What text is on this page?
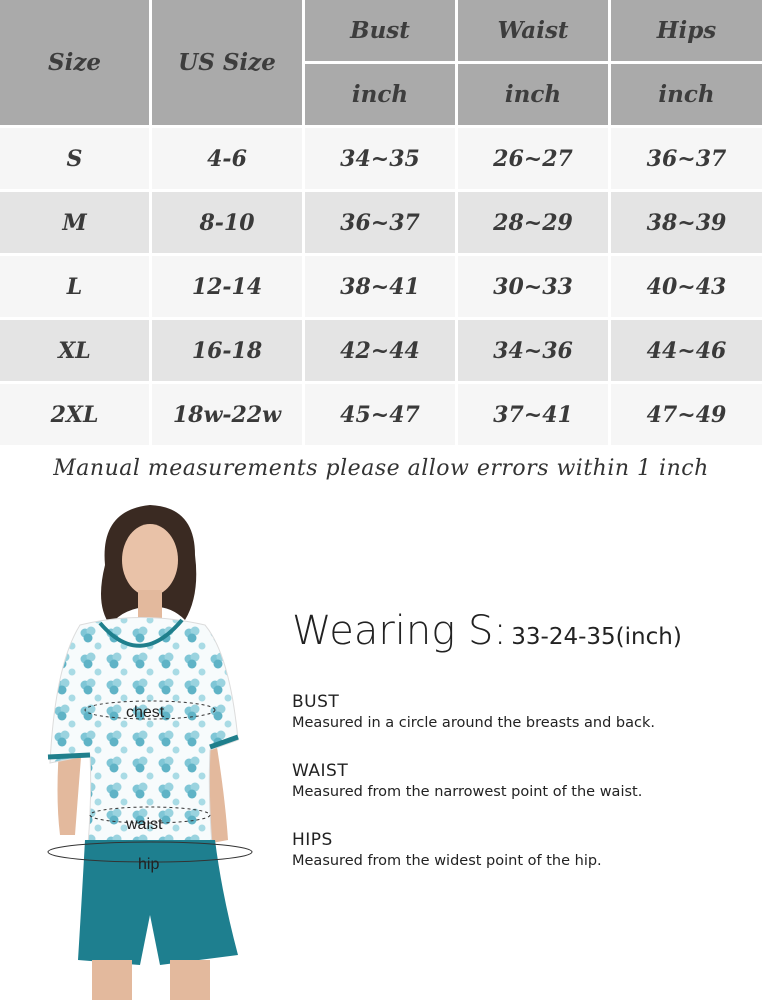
Size	US Size
Bust	Waist	Hips
inch	inch	inch
S	4-6	34~35	26~27	36~37
M	8-10	36~37	28~29	38~39
L	12-14	38~41	30~33	40~43
XL	16-18	42~44	34~36	44~46
2XL	18w-22w	45~47	37~41	47~49
Manual measurements please allow errors within 1 inch
chest
waist
hip
Wearing S: 33-24-35(inch)
BUST
Measured in a circle around the breasts and back.
WAIST
Measured from the narrowest point of the waist.
HIPS
Measured from the widest point of the hip.
